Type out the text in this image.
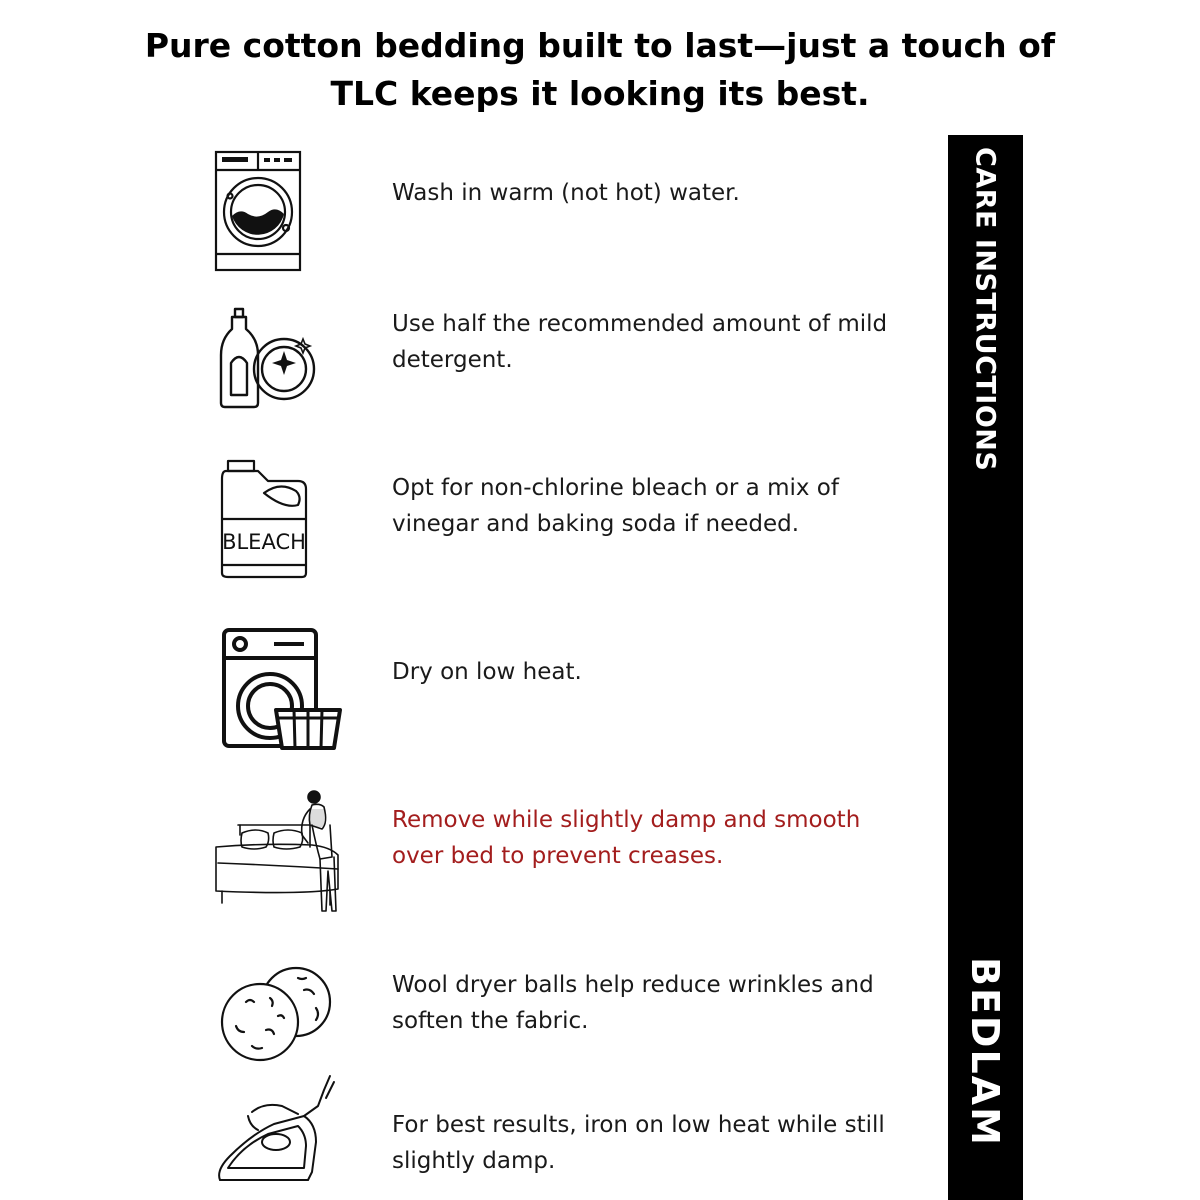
Pure cotton bedding built to last—just a touch of
TLC keeps it looking its best.

Wash in warm (not hot) water.

Use half the recommended amount of mild
detergent.

BLEACH

Opt for non-chlorine bleach or a mix of
vinegar and baking soda if needed.

Dry on low heat.

Remove while slightly damp and smooth
over bed to prevent creases.

Wool dryer balls help reduce wrinkles and
soften the fabric.

For best results, iron on low heat while still
slightly damp.

CARE INSTRUCTIONS
BEDLAM
